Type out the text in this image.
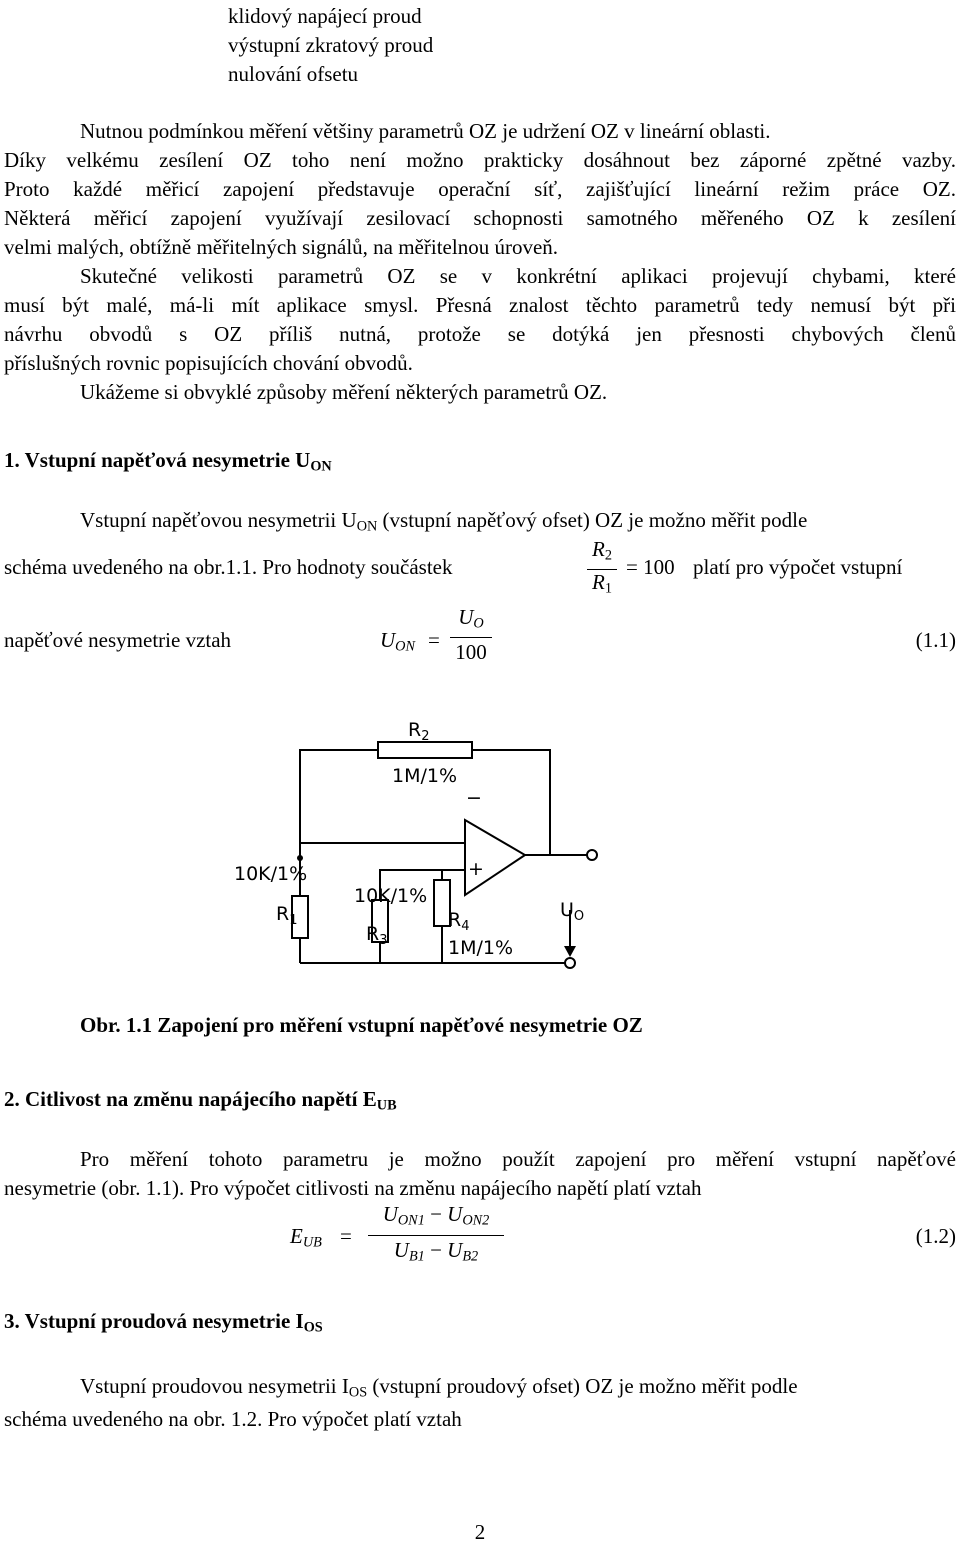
klidový napájecí proud
výstupní zkratový proud
nulování ofsetu
Nutnou podmínkou měření většiny parametrů OZ je udržení OZ v lineární oblasti.
Díky velkému zesílení OZ toho není možno prakticky dosáhnout bez záporné zpětné vazby.
Proto každé měřicí zapojení představuje operační síť, zajišťující lineární režim práce OZ.
Některá měřicí zapojení využívají zesilovací schopnosti samotného měřeného OZ k zesílení
velmi malých, obtížně měřitelných signálů, na měřitelnou úroveň.
Skutečné velikosti parametrů OZ se v konkrétní aplikaci projevují chybami, které
musí být malé, má-li mít aplikace smysl. Přesná znalost těchto parametrů tedy nemusí být při
návrhu obvodů s OZ příliš nutná, protože se dotýká jen přesnosti chybových členů
příslušných rovnic popisujících chování obvodů.
Ukážeme si obvyklé způsoby měření některých parametrů OZ.
1. Vstupní napěťová nesymetrie $U_{ON}$
Vstupní napěťovou nesymetrii $U_{ON}$ (vstupní napěťový ofset) OZ je možno měřit podle
schéma uvedeného na obr.1.1. Pro hodnoty součástek	$\frac{R_2}{R_1} = 100$ platí pro výpočet vstupní
napěťové nesymetrie vztah	$U_{ON} = \frac{U_O}{100}$	(1.1)
−
+
$R_2$
1M/1%
10K/1%
$R_1$
10K/1%
$R_3$
$R_4$
1M/1%
$U_O$
Obr. 1.1 Zapojení pro měření vstupní napěťové nesymetrie OZ
2. Citlivost na změnu napájecího napětí $E_{UB}$
Pro měření tohoto parametru je možno použít zapojení pro měření vstupní napěťové
nesymetrie (obr. 1.1). Pro výpočet citlivosti na změnu napájecího napětí platí vztah
$E_{UB}$ =
$U_{ON1} - U_{ON2}$
$U_{B1} - U_{B2}$
(1.2)
3. Vstupní proudová nesymetrie $I_{OS}$
Vstupní proudovou nesymetrii $I_{OS}$ (vstupní proudový ofset) OZ je možno měřit podle
schéma uvedeného na obr. 1.2. Pro výpočet platí vztah
2
